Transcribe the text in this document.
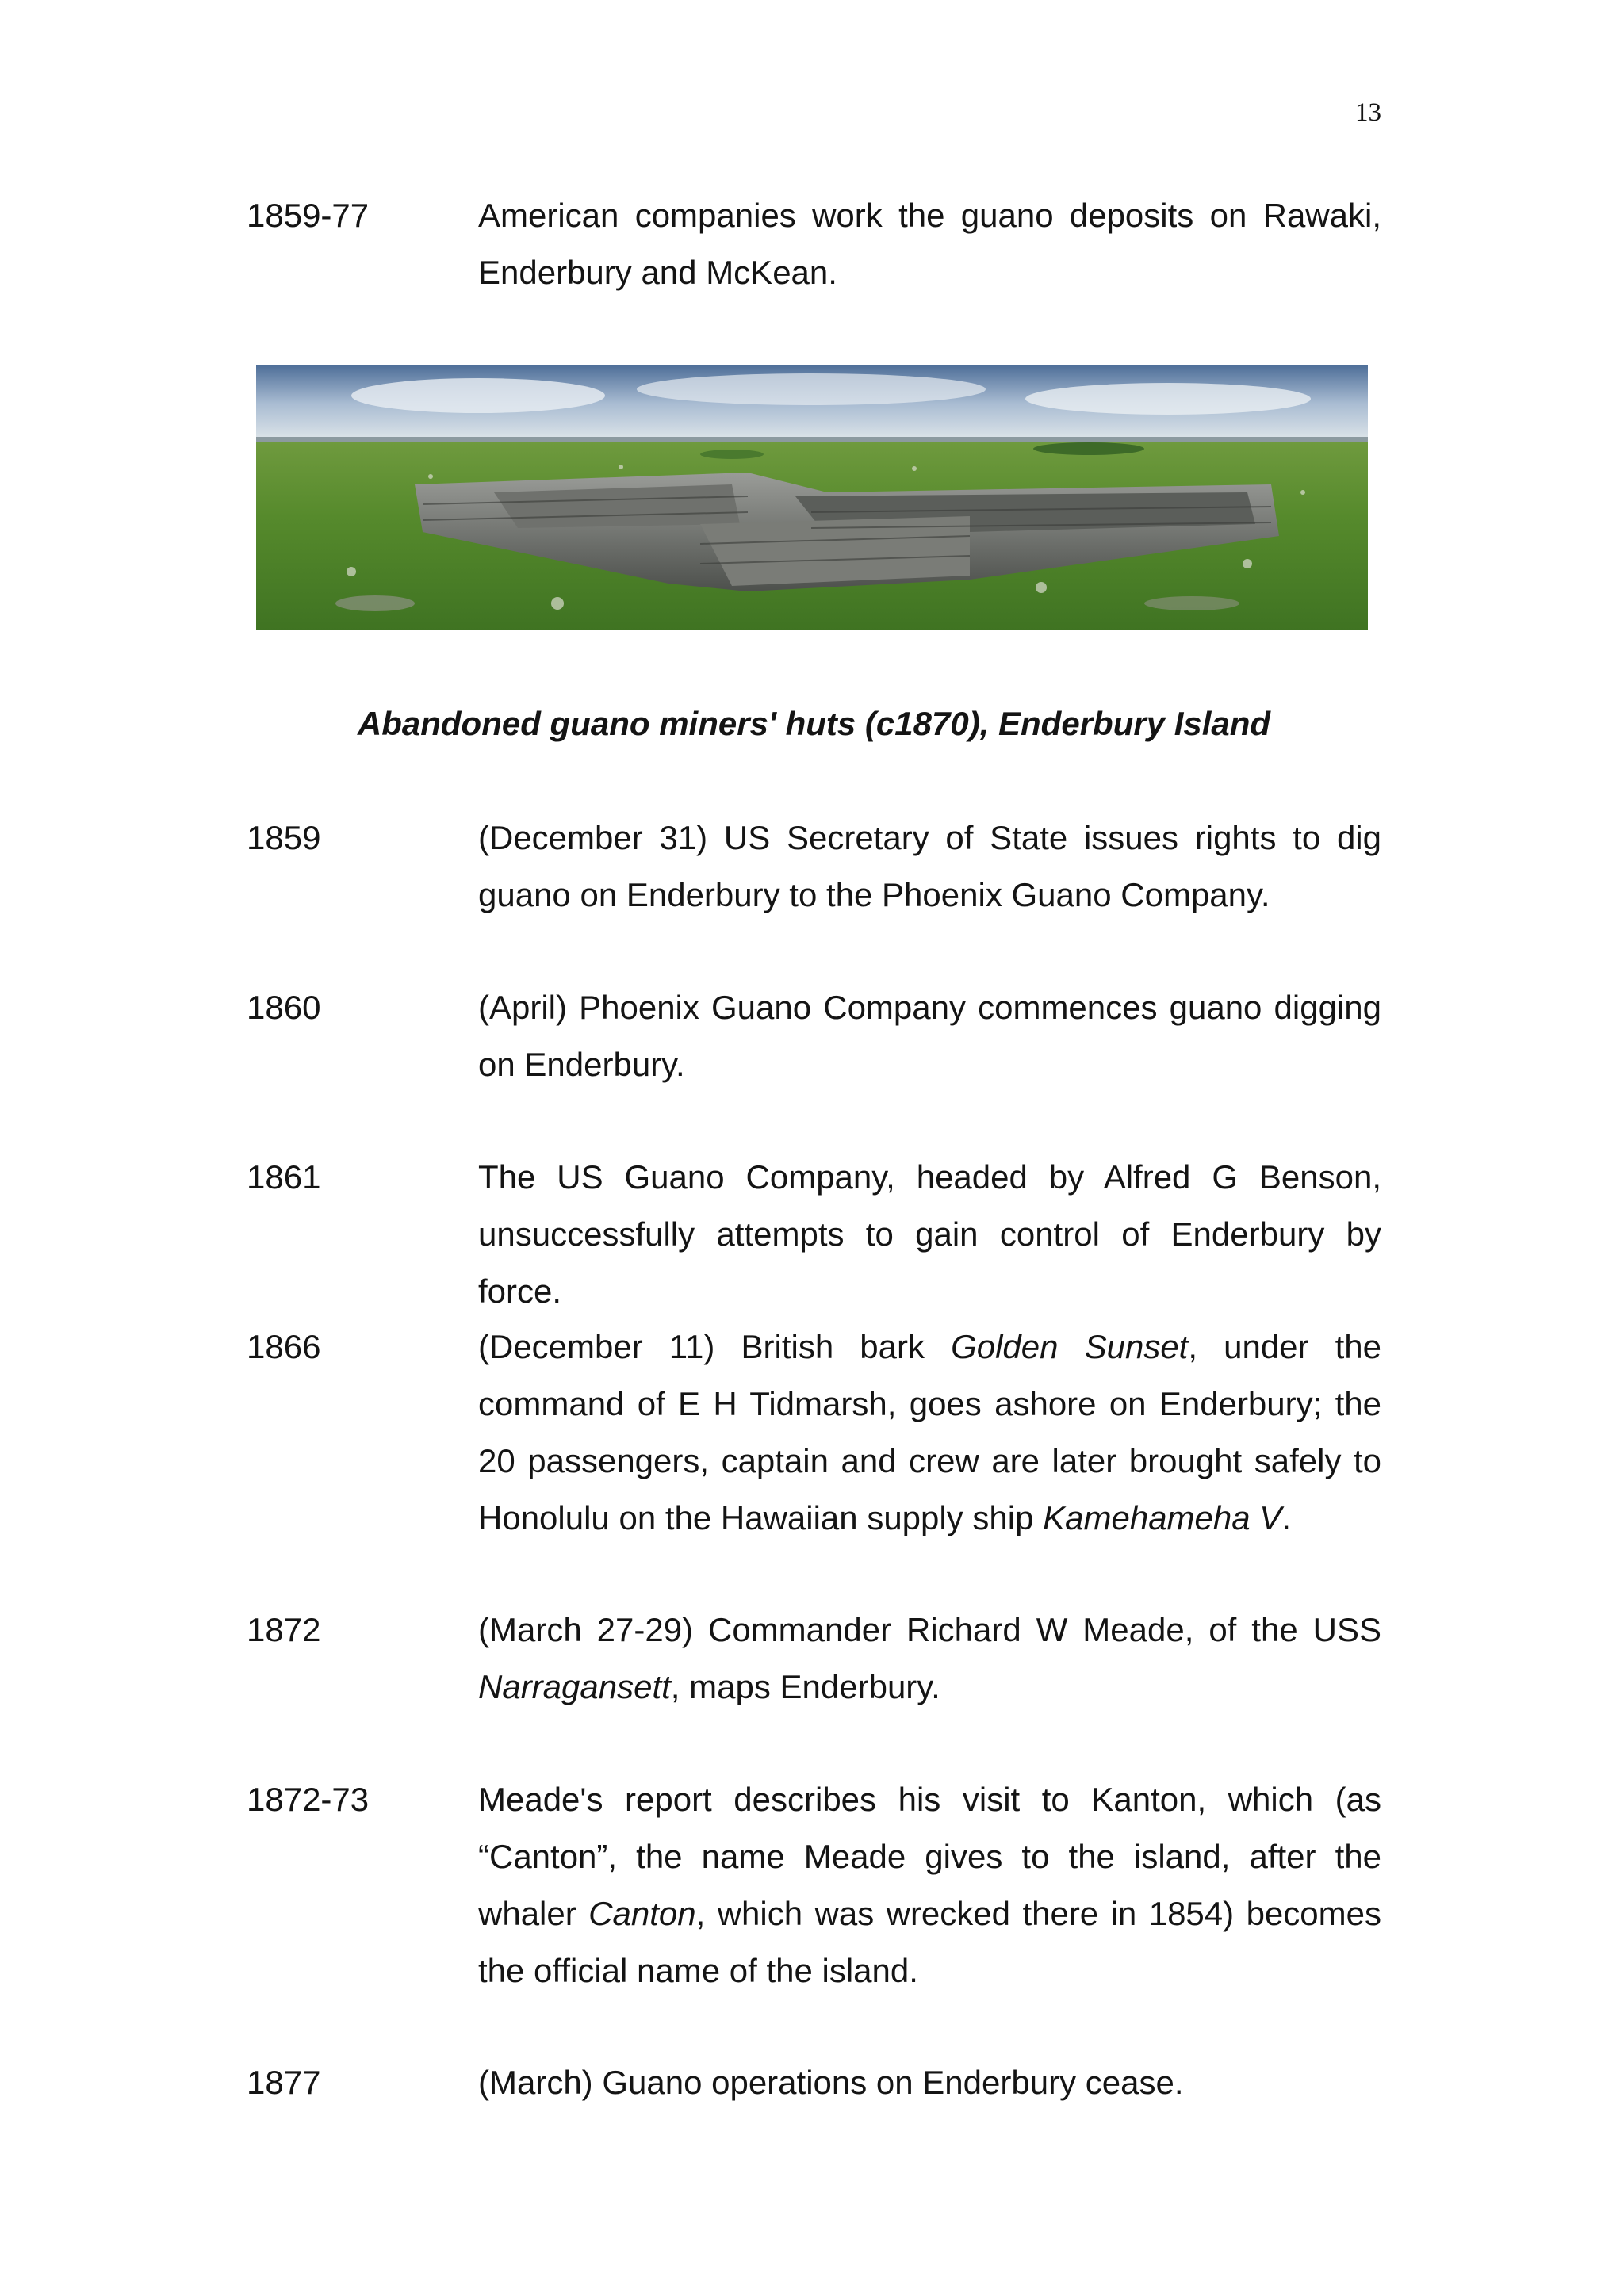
13
1859-77	American companies work the guano deposits on Rawaki, Enderbury and McKean.
Abandoned guano miners' huts (c1870), Enderbury Island
1859	(December 31) US Secretary of State issues rights to dig guano on Enderbury to the Phoenix Guano Company.
1860	(April) Phoenix Guano Company commences guano digging on Enderbury.
1861	The US Guano Company, headed by Alfred G Benson, unsuccessfully attempts to gain control of Enderbury by force.
1866	(December 11) British bark Golden Sunset, under the command of E H Tidmarsh, goes ashore on Enderbury; the 20 passengers, captain and crew are later brought safely to Honolulu on the Hawaiian supply ship Kamehameha V.
1872	(March 27-29) Commander Richard W Meade, of the USS Narragansett, maps Enderbury.
1872-73	Meade's report describes his visit to Kanton, which (as “Canton”, the name Meade gives to the island, after the whaler Canton, which was wrecked there in 1854) becomes the official name of the island.
1877	(March) Guano operations on Enderbury cease.
